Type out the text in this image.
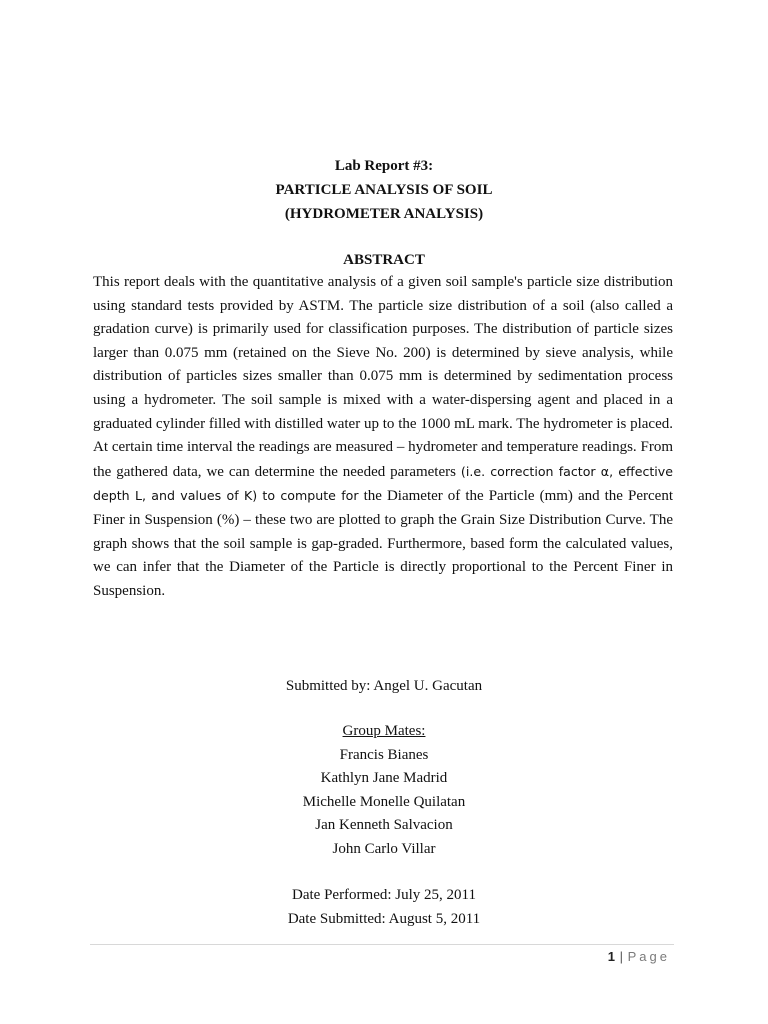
Lab Report #3:
PARTICLE ANALYSIS OF SOIL
(HYDROMETER ANALYSIS)
ABSTRACT
This report deals with the quantitative analysis of a given soil sample's particle size distribution using standard tests provided by ASTM. The particle size distribution of a soil (also called a gradation curve) is primarily used for classification purposes. The distribution of particle sizes larger than 0.075 mm (retained on the Sieve No. 200) is determined by sieve analysis, while distribution of particles sizes smaller than 0.075 mm is determined by sedimentation process using a hydrometer. The soil sample is mixed with a water-dispersing agent and placed in a graduated cylinder filled with distilled water up to the 1000 mL mark. The hydrometer is placed. At certain time interval the readings are measured – hydrometer and temperature readings. From the gathered data, we can determine the needed parameters (i.e. correction factor α, effective depth L, and values of K) to compute for the Diameter of the Particle (mm) and the Percent Finer in Suspension (%) – these two are plotted to graph the Grain Size Distribution Curve. The graph shows that the soil sample is gap-graded. Furthermore, based form the calculated values, we can infer that the Diameter of the Particle is directly proportional to the Percent Finer in Suspension.
Submitted by: Angel U. Gacutan
Group Mates:
Francis Bianes
Kathlyn Jane Madrid
Michelle Monelle Quilatan
Jan Kenneth Salvacion
John Carlo Villar
Date Performed: July 25, 2011
Date Submitted: August 5, 2011
1 | Page
